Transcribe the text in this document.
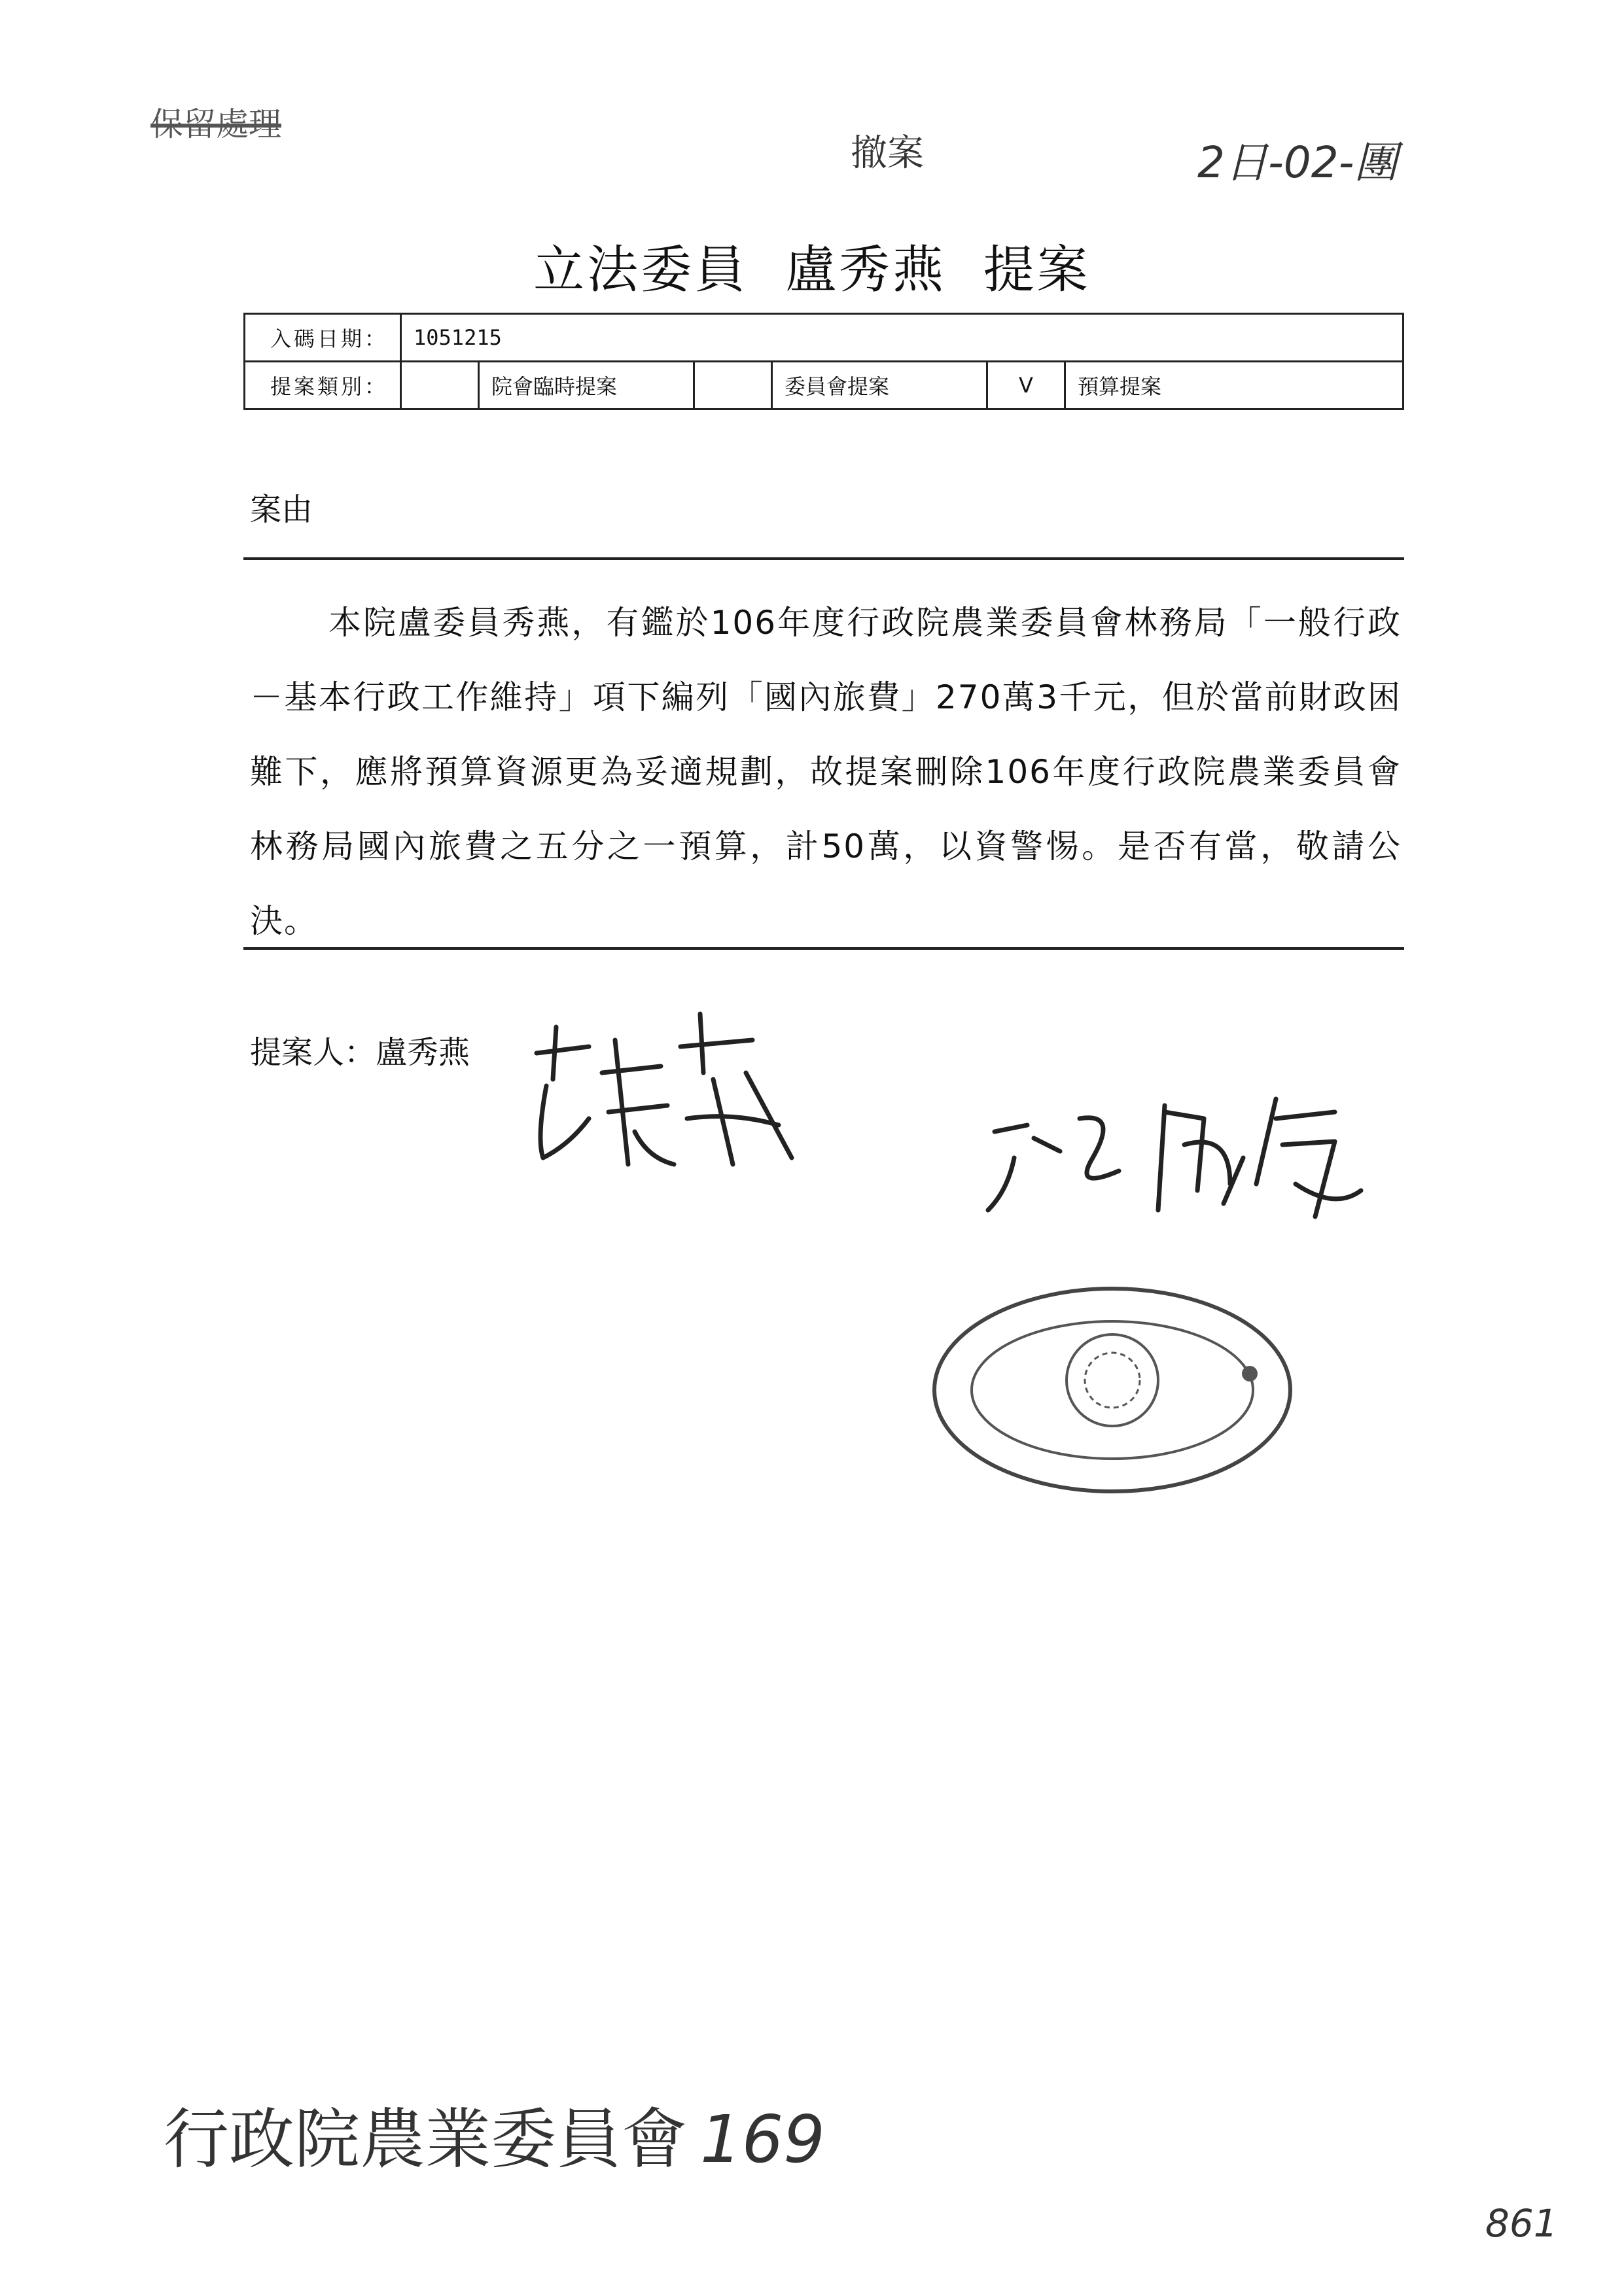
保留處理
撤案	2日-02-團
立法委員 盧秀燕 提案
入碼日期：	1051215					
提案類別：		院會臨時提案		委員會提案	V	預算提案
案由
本院盧委員秀燕，有鑑於106年度行政院農業委員會林務局「一般行政－基本行政工作維持」項下編列「國內旅費」270萬3千元，但於當前財政困難下，應將預算資源更為妥適規劃，故提案刪除106年度行政院農業委員會林務局國內旅費之五分之一預算，計50萬，以資警惕。是否有當，敬請公決。
提案人：盧秀燕
行政院農業委員會 169
861
